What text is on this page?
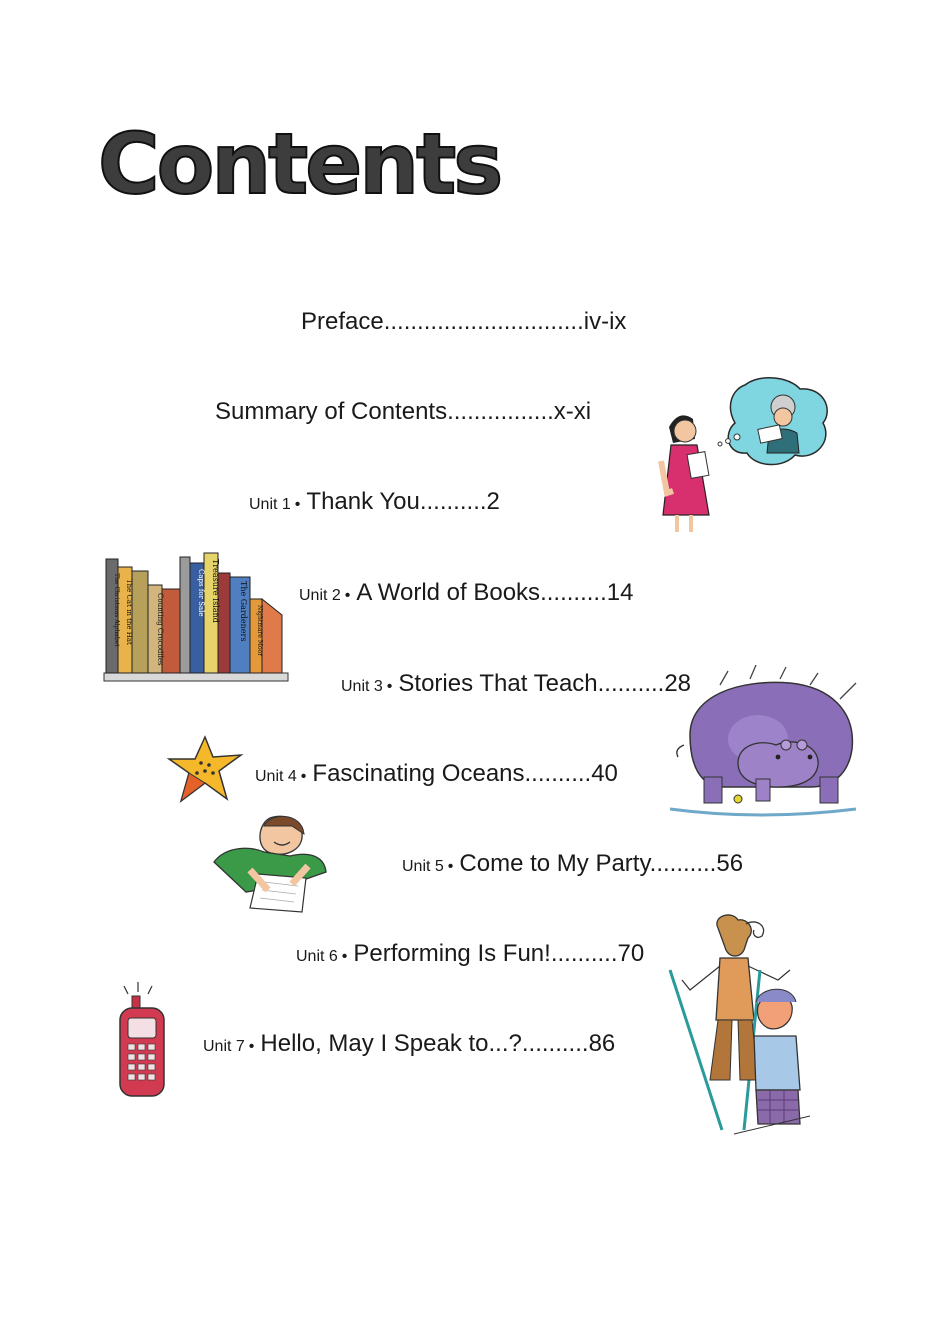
Contents
Preface..............................iv-ix
Summary of Contents................x-xi
Unit 1 • Thank You..........2
Unit 2 • A World of Books..........14
Unit 3 • Stories That Teach..........28
Unit 4 • Fascinating Oceans..........40
Unit 5 • Come to My Party..........56
Unit 6 • Performing Is Fun!..........70
Unit 7 • Hello, May I Speak to...?..........86
The Christmas Alphabet The Cat in the Hat	Counting Crocodiles
Caps for Sale Treasure Island The Gardeners Nightmare Moor
